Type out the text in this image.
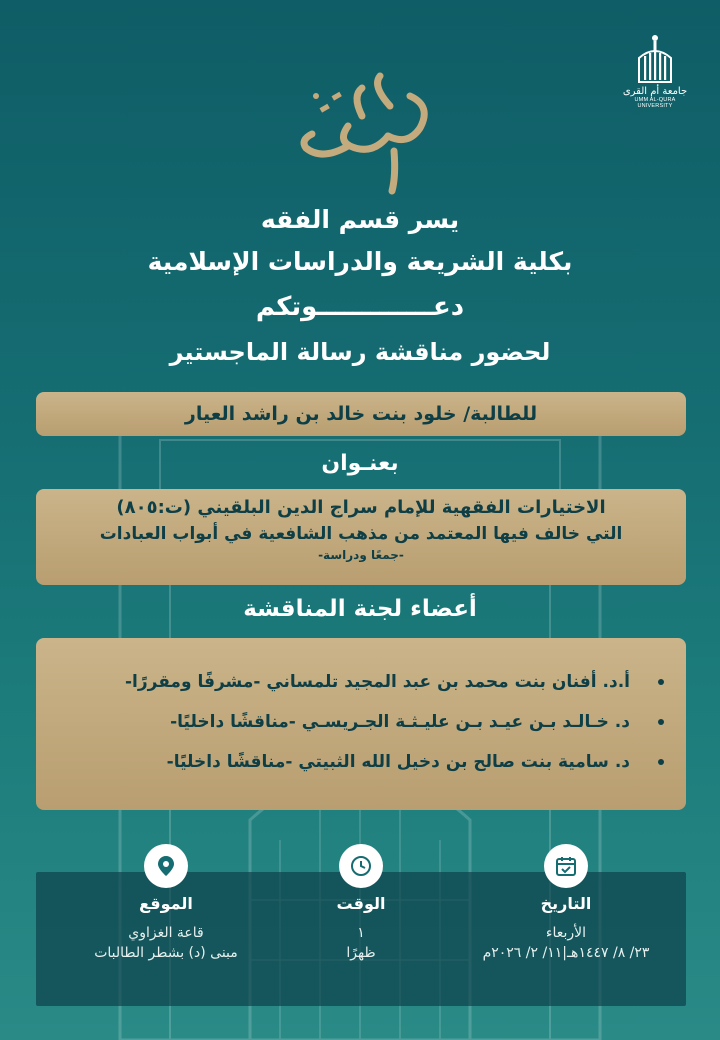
جامعة أم القرى
UMM AL-QURA UNIVERSITY
يسر قسم الفقه
بكلية الشريعة والدراسات الإسلامية
دعـــــــــــــوتكم
لحضور مناقشة رسالة الماجستير
للطالبة/ خلود بنت خالد بن راشد العيار
بعنـوان
الاختيارات الفقهية للإمام سراج الدين البلقيني (ت:٨٠٥)
التي خالف فيها المعتمد من مذهب الشافعية في أبواب العبادات
-جمعًا ودراسة-
أعضاء لجنة المناقشة
أ.د. أفنان بنت محمد بن عبد المجيد تلمساني -مشرفًا ومقررًا-
د. خـالـد بـن عيـد بـن عليـثـة الجـريسـي -مناقشًا داخليًا-
د. سامية بنت صالح بن دخيل الله الثبيتي -مناقشًا داخليًا-
التاريخ
الأربعاء
٢٣/ ٨/ ١٤٤٧هـ|١١/ ٢/ ٢٠٢٦م
الوقت
١
ظهرًا
الموقع
قاعة الغزاوي
مبنى (د) بشطر الطالبات
